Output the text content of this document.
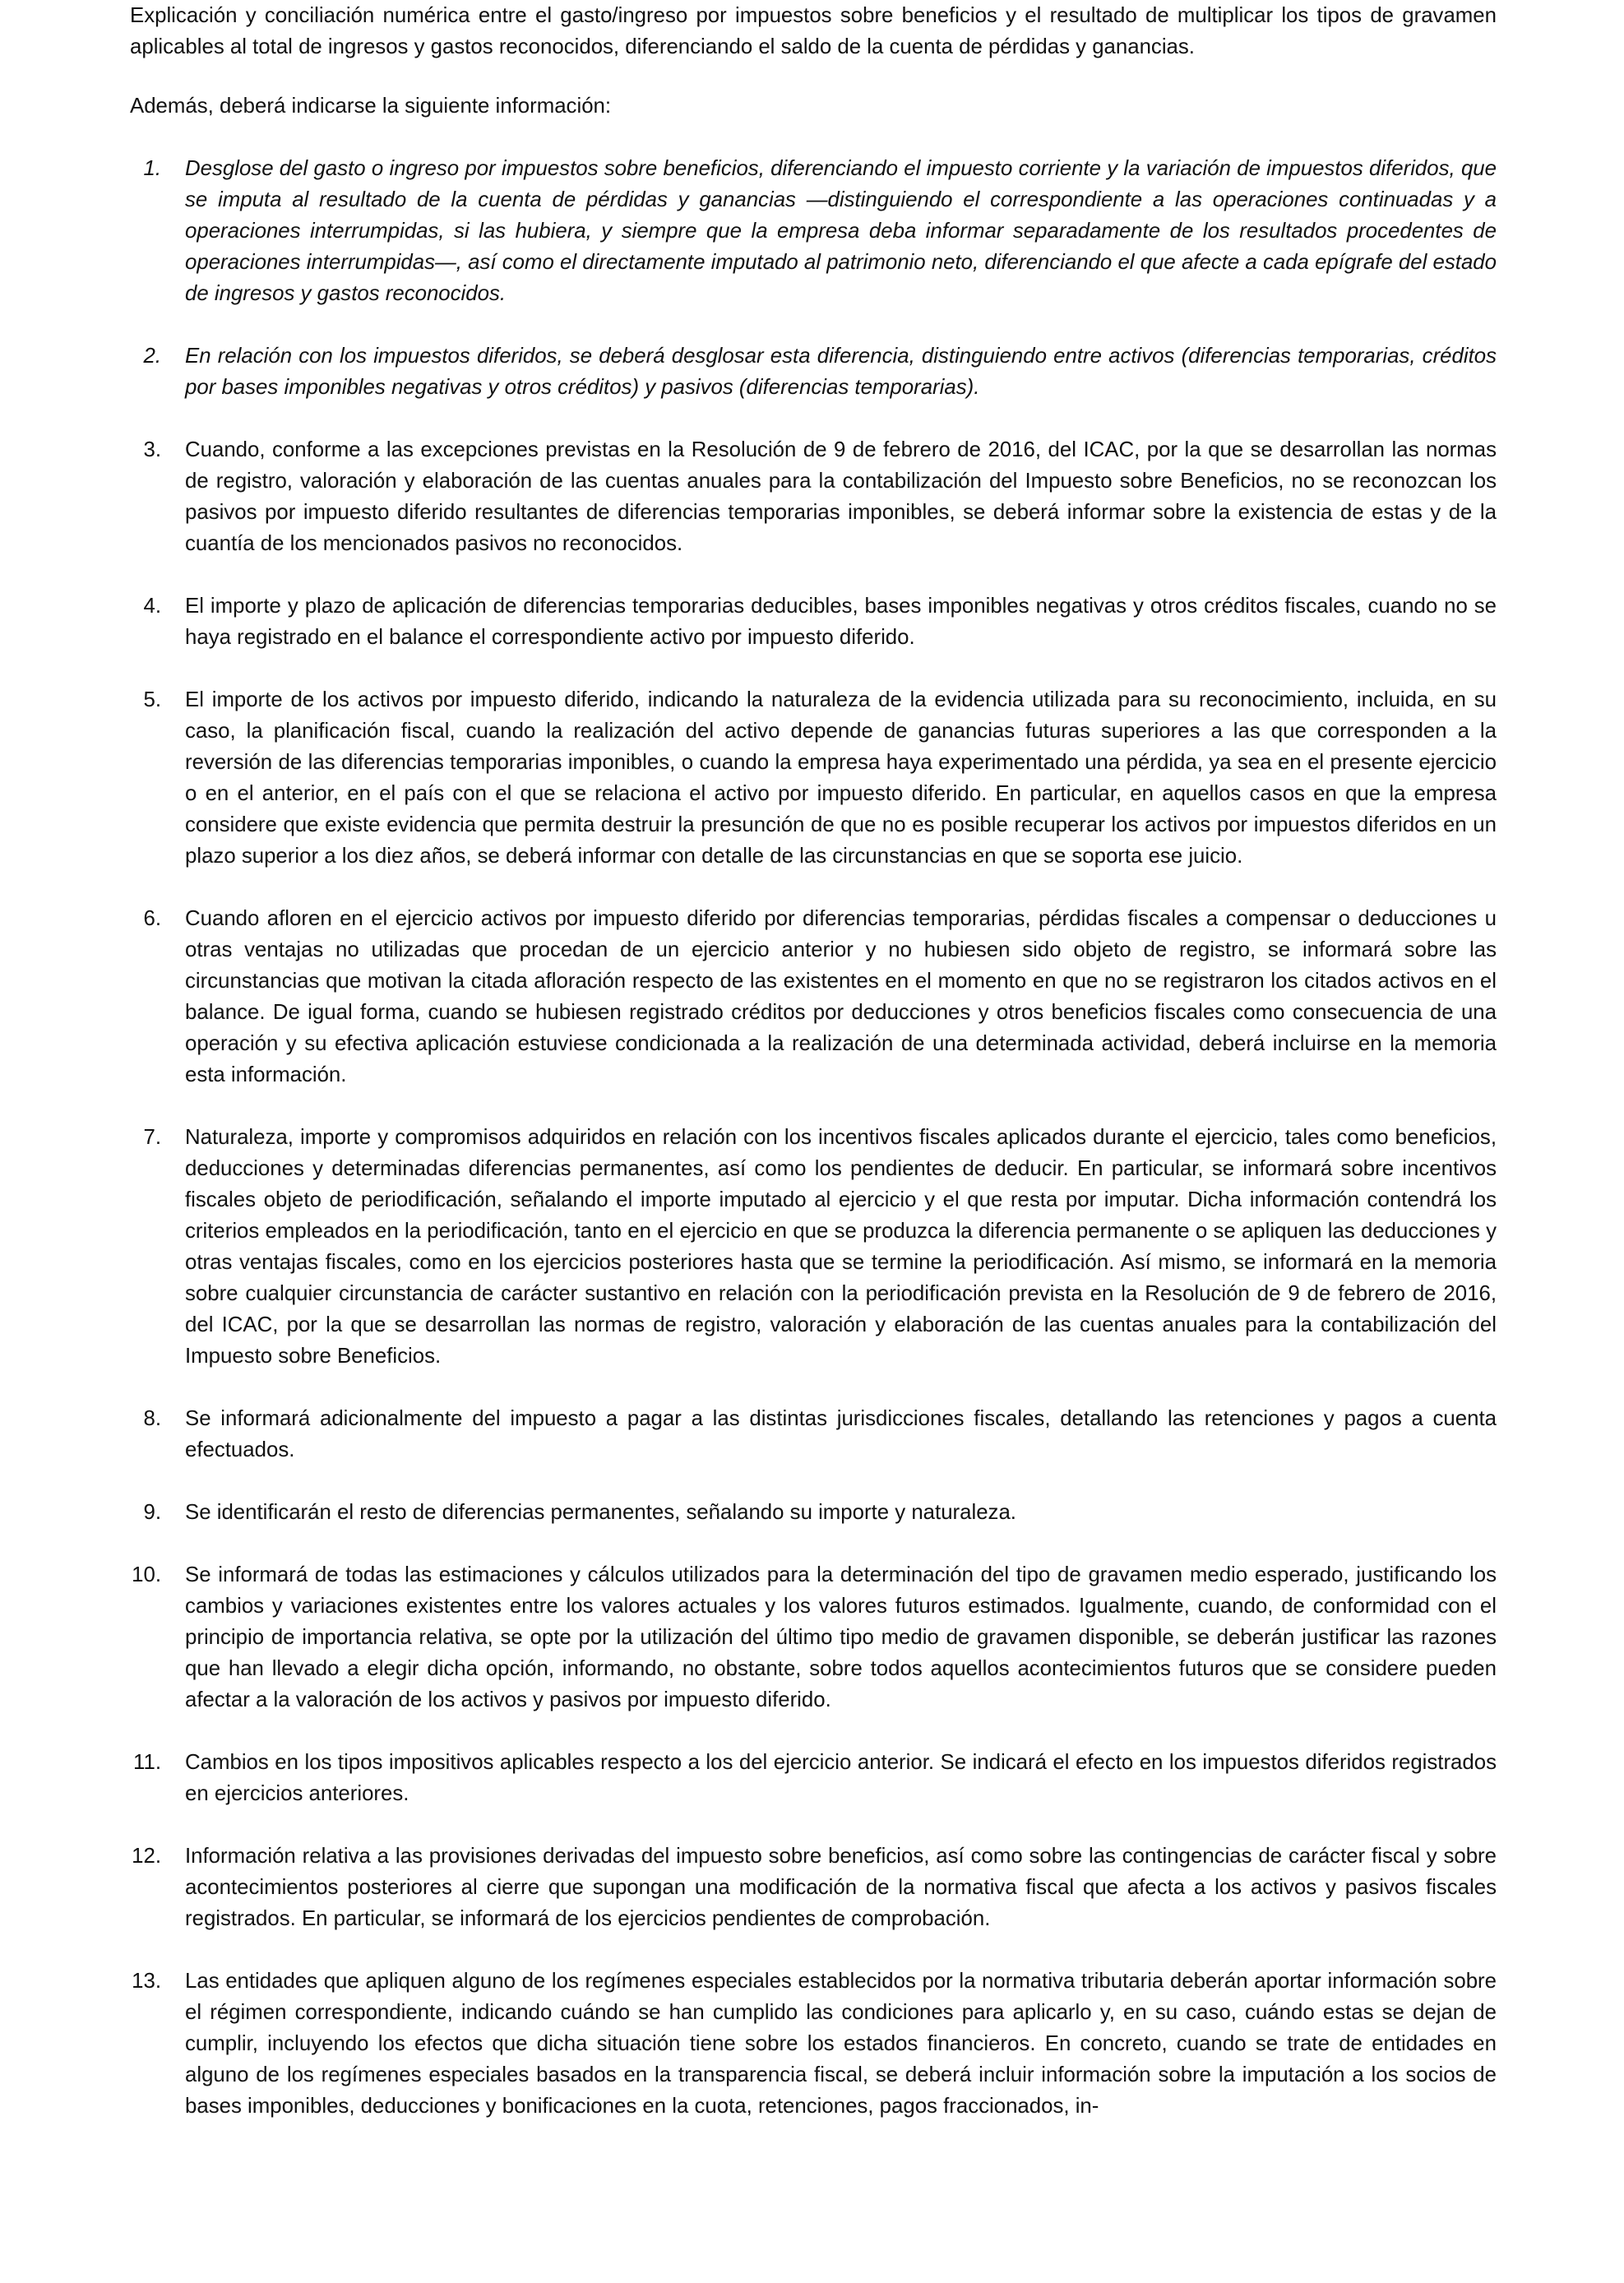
Explicación y conciliación numérica entre el gasto/ingreso por impuestos sobre beneficios y el resultado de multiplicar los tipos de gravamen aplicables al total de ingresos y gastos reconocidos, diferenciando el saldo de la cuenta de pérdidas y ganancias.

Además, deberá indicarse la siguiente información:

1. Desglose del gasto o ingreso por impuestos sobre beneficios, diferenciando el impuesto corriente y la variación de impuestos diferidos, que se imputa al resultado de la cuenta de pérdidas y ganancias —distinguiendo el correspondiente a las operaciones continuadas y a operaciones interrumpidas, si las hubiera, y siempre que la empresa deba informar separadamente de los resultados procedentes de operaciones interrumpidas—, así como el directamente imputado al patrimonio neto, diferenciando el que afecte a cada epígrafe del estado de ingresos y gastos reconocidos.
2. En relación con los impuestos diferidos, se deberá desglosar esta diferencia, distinguiendo entre activos (diferencias temporarias, créditos por bases imponibles negativas y otros créditos) y pasivos (diferencias temporarias).
3. Cuando, conforme a las excepciones previstas en la Resolución de 9 de febrero de 2016, del ICAC, por la que se desarrollan las normas de registro, valoración y elaboración de las cuentas anuales para la contabilización del Impuesto sobre Beneficios, no se reconozcan los pasivos por impuesto diferido resultantes de diferencias temporarias imponibles, se deberá informar sobre la existencia de estas y de la cuantía de los mencionados pasivos no reconocidos.
4. El importe y plazo de aplicación de diferencias temporarias deducibles, bases imponibles negativas y otros créditos fiscales, cuando no se haya registrado en el balance el correspondiente activo por impuesto diferido.
5. El importe de los activos por impuesto diferido, indicando la naturaleza de la evidencia utilizada para su reconocimiento, incluida, en su caso, la planificación fiscal, cuando la realización del activo depende de ganancias futuras superiores a las que corresponden a la reversión de las diferencias temporarias imponibles, o cuando la empresa haya experimentado una pérdida, ya sea en el presente ejercicio o en el anterior, en el país con el que se relaciona el activo por impuesto diferido. En particular, en aquellos casos en que la empresa considere que existe evidencia que permita destruir la presunción de que no es posible recuperar los activos por impuestos diferidos en un plazo superior a los diez años, se deberá informar con detalle de las circunstancias en que se soporta ese juicio.
6. Cuando afloren en el ejercicio activos por impuesto diferido por diferencias temporarias, pérdidas fiscales a compensar o deducciones u otras ventajas no utilizadas que procedan de un ejercicio anterior y no hubiesen sido objeto de registro, se informará sobre las circunstancias que motivan la citada afloración respecto de las existentes en el momento en que no se registraron los citados activos en el balance. De igual forma, cuando se hubiesen registrado créditos por deducciones y otros beneficios fiscales como consecuencia de una operación y su efectiva aplicación estuviese condicionada a la realización de una determinada actividad, deberá incluirse en la memoria esta información.
7. Naturaleza, importe y compromisos adquiridos en relación con los incentivos fiscales aplicados durante el ejercicio, tales como beneficios, deducciones y determinadas diferencias permanentes, así como los pendientes de deducir. En particular, se informará sobre incentivos fiscales objeto de periodificación, señalando el importe imputado al ejercicio y el que resta por imputar. Dicha información contendrá los criterios empleados en la periodificación, tanto en el ejercicio en que se produzca la diferencia permanente o se apliquen las deducciones y otras ventajas fiscales, como en los ejercicios posteriores hasta que se termine la periodificación. Así mismo, se informará en la memoria sobre cualquier circunstancia de carácter sustantivo en relación con la periodificación prevista en la Resolución de 9 de febrero de 2016, del ICAC, por la que se desarrollan las normas de registro, valoración y elaboración de las cuentas anuales para la contabilización del Impuesto sobre Beneficios.
8. Se informará adicionalmente del impuesto a pagar a las distintas jurisdicciones fiscales, detallando las retenciones y pagos a cuenta efectuados.
9. Se identificarán el resto de diferencias permanentes, señalando su importe y naturaleza.
10. Se informará de todas las estimaciones y cálculos utilizados para la determinación del tipo de gravamen medio esperado, justificando los cambios y variaciones existentes entre los valores actuales y los valores futuros estimados. Igualmente, cuando, de conformidad con el principio de importancia relativa, se opte por la utilización del último tipo medio de gravamen disponible, se deberán justificar las razones que han llevado a elegir dicha opción, informando, no obstante, sobre todos aquellos acontecimientos futuros que se considere pueden afectar a la valoración de los activos y pasivos por impuesto diferido.
11. Cambios en los tipos impositivos aplicables respecto a los del ejercicio anterior. Se indicará el efecto en los impuestos diferidos registrados en ejercicios anteriores.
12. Información relativa a las provisiones derivadas del impuesto sobre beneficios, así como sobre las contingencias de carácter fiscal y sobre acontecimientos posteriores al cierre que supongan una modificación de la normativa fiscal que afecta a los activos y pasivos fiscales registrados. En particular, se informará de los ejercicios pendientes de comprobación.
13. Las entidades que apliquen alguno de los regímenes especiales establecidos por la normativa tributaria deberán aportar información sobre el régimen correspondiente, indicando cuándo se han cumplido las condiciones para aplicarlo y, en su caso, cuándo estas se dejan de cumplir, incluyendo los efectos que dicha situación tiene sobre los estados financieros. En concreto, cuando se trate de entidades en alguno de los regímenes especiales basados en la transparencia fiscal, se deberá incluir información sobre la imputación a los socios de bases imponibles, deducciones y bonificaciones en la cuota, retenciones, pagos fraccionados, in-
